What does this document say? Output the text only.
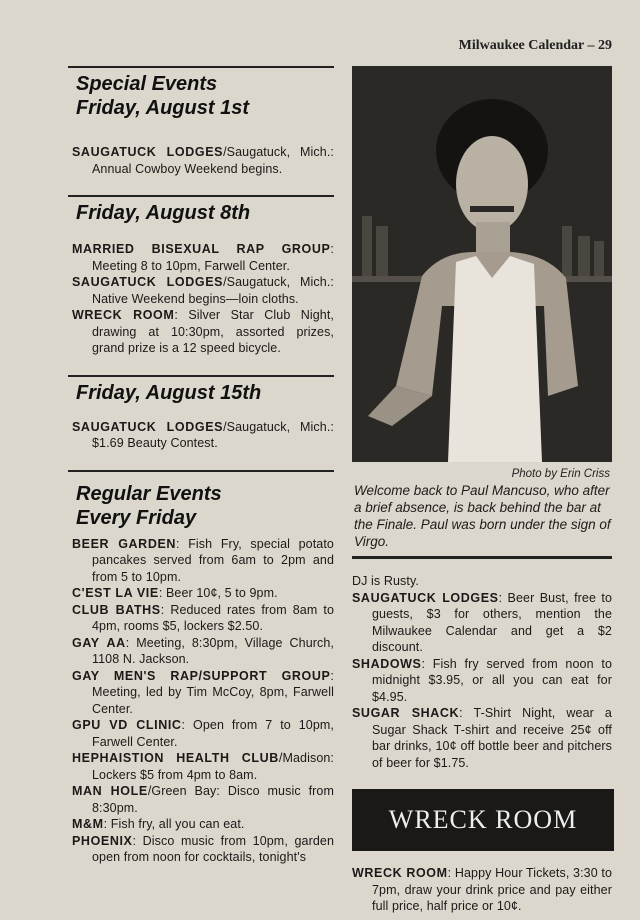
Milwaukee Calendar – 29
Special Events
Friday, August 1st
SAUGATUCK LODGES/Saugatuck, Mich.: Annual Cowboy Weekend begins.
Friday, August 8th
MARRIED BISEXUAL RAP GROUP: Meeting 8 to 10pm, Farwell Center.
SAUGATUCK LODGES/Saugatuck, Mich.: Native Weekend begins—loin cloths.
WRECK ROOM: Silver Star Club Night, drawing at 10:30pm, assorted prizes, grand prize is a 12 speed bicycle.
Friday, August 15th
SAUGATUCK LODGES/Saugatuck, Mich.: $1.69 Beauty Contest.
Regular Events
Every Friday
BEER GARDEN: Fish Fry, special potato pancakes served from 6am to 2pm and from 5 to 10pm.
C'EST LA VIE: Beer 10¢, 5 to 9pm.
CLUB BATHS: Reduced rates from 8am to 4pm, rooms $5, lockers $2.50.
GAY AA: Meeting, 8:30pm, Village Church, 1108 N. Jackson.
GAY MEN'S RAP/SUPPORT GROUP: Meeting, led by Tim McCoy, 8pm, Farwell Center.
GPU VD CLINIC: Open from 7 to 10pm, Farwell Center.
HEPHAISTION HEALTH CLUB/Madison: Lockers $5 from 4pm to 8am.
MAN HOLE/Green Bay: Disco music from 8:30pm.
M&M: Fish fry, all you can eat.
PHOENIX: Disco music from 10pm, garden open from noon for cocktails, tonight's
Photo by Erin Criss
Welcome back to Paul Mancuso, who after a brief absence, is back behind the bar at the Finale. Paul was born under the sign of Virgo.
DJ is Rusty.
SAUGATUCK LODGES: Beer Bust, free to guests, $3 for others, mention the Milwaukee Calendar and get a $2 discount.
SHADOWS: Fish fry served from noon to midnight $3.95, or all you can eat for $4.95.
SUGAR SHACK: T-Shirt Night, wear a Sugar Shack T-shirt and receive 25¢ off bar drinks, 10¢ off bottle beer and pitchers of beer for $1.75.
WRECK ROOM
WRECK ROOM: Happy Hour Tickets, 3:30 to 7pm, draw your drink price and pay either full price, half price or 10¢.
